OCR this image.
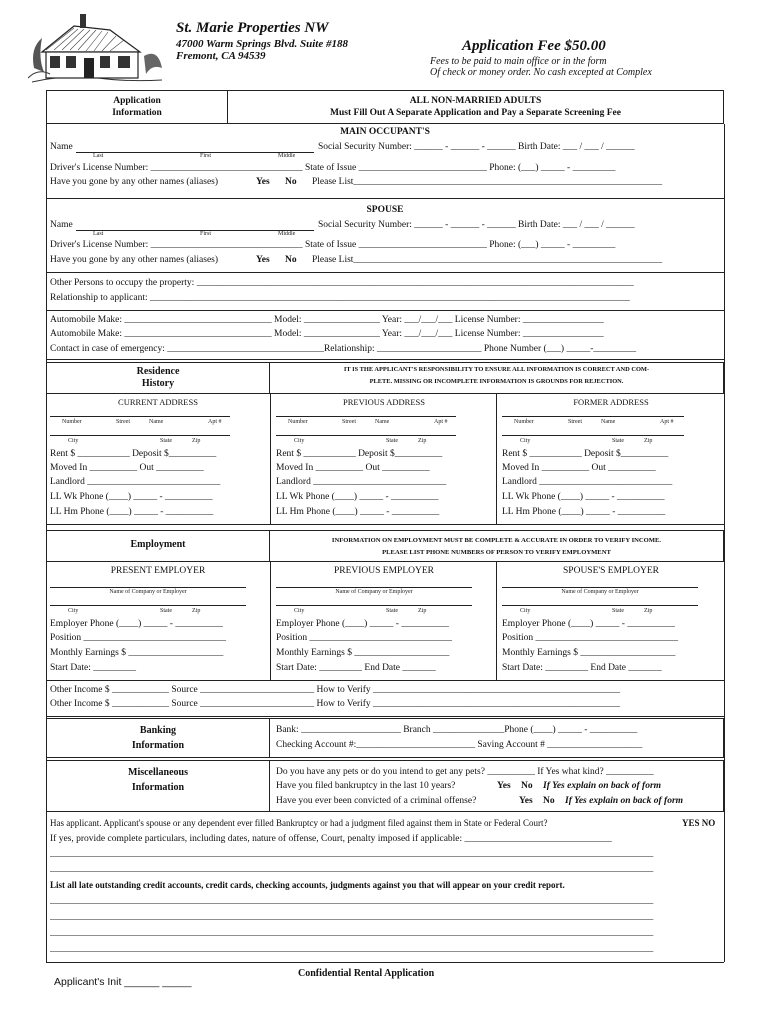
St. Marie Properties NW
47000 Warm Springs Blvd. Suite #188
Fremont, CA 94539
Application Fee $50.00
Fees to be paid to main office or in the form
Of check or money order. No cash excepted at Complex
Application
Information
ALL NON-MARRIED ADULTS
Must Fill Out A Separate Application and Pay a Separate Screening Fee
MAIN OCCUPANT'S
Name
Last	First	Middle
Social Security Number: ______ - ______ - ______ Birth Date: ___ / ___ / ______
Driver's License Number: ________________________________ State of Issue ___________________________ Phone: (___) _____ - _________
Have you gone by any other names (aliases)	Yes No Please List_________________________________________________________________
SPOUSE
Name
Last	First	Middle
Social Security Number: ______ - ______ - ______ Birth Date: ___ / ___ / ______
Driver's License Number: ________________________________ State of Issue ___________________________ Phone: (___) _____ - _________
Have you gone by any other names (aliases)	Yes No Please List_________________________________________________________________
Other Persons to occupy the property: ____________________________________________________________________________________________
Relationship to applicant: _____________________________________________________________________________________________________
Automobile Make: _______________________________ Model: ________________ Year: ___/___/___ License Number: _________________
Automobile Make: _______________________________ Model: ________________ Year: ___/___/___ License Number: _________________
Contact in case of emergency: _________________________________Relationship: ______________________ Phone Number (___) _____-_________
Residence
History
IT IS THE APPLICANT'S RESPONSIBILITY TO ENSURE ALL INFORMATION IS CORRECT AND COM-
PLETE. MISSING OR INCOMPLETE INFORMATION IS GROUNDS FOR REJECTION.
CURRENT ADDRESS
Number	Street	Name	Apt #
City	State	Zip
Rent $ ___________ Deposit $__________
Moved In __________ Out __________
Landlord ____________________________
LL Wk Phone (____) _____ - __________
LL Hm Phone (____) _____ - __________
PREVIOUS ADDRESS
Number	Street	Name	Apt #
City	State	Zip
Rent $ ___________ Deposit $__________
Moved In __________ Out __________
Landlord ____________________________
LL Wk Phone (____) _____ - __________
LL Hm Phone (____) _____ - __________
FORMER ADDRESS
Number	Street	Name	Apt #
City	State	Zip
Rent $ ___________ Deposit $__________
Moved In __________ Out __________
Landlord ____________________________
LL Wk Phone (____) _____ - __________
LL Hm Phone (____) _____ - __________
Employment	INFORMATION ON EMPLOYMENT MUST BE COMPLETE & ACCURATE IN ORDER TO VERIFY INCOME.
PLEASE LIST PHONE NUMBERS OF PERSON TO VERIFY EMPLOYMENT
PRESENT EMPLOYER
Name of Company or Employer
City	State	Zip
Employer Phone (____) _____ - __________
Position ______________________________
Monthly Earnings $ ____________________
Start Date: _________
PREVIOUS EMPLOYER
Name of Company or Employer
City	State	Zip
Employer Phone (____) _____ - __________
Position ______________________________
Monthly Earnings $ ____________________
Start Date: _________ End Date _______
SPOUSE'S EMPLOYER
Name of Company or Employer
City	State	Zip
Employer Phone (____) _____ - __________
Position ______________________________
Monthly Earnings $ ____________________
Start Date: _________ End Date _______
Other Income $ ____________ Source ________________________ How to Verify ____________________________________________________
Other Income $ ____________ Source ________________________ How to Verify ____________________________________________________
Banking
Information
Bank: _____________________ Branch _______________Phone (____) _____ - __________
Checking Account #:_________________________ Saving Account # ____________________
Miscellaneous
Information
Do you have any pets or do you intend to get any pets? __________ If Yes what kind? __________
Have you filed bankruptcy in the last 10 years?	Yes No If Yes explain on back of form
Have you ever been convicted of a criminal offense?	Yes No If Yes explain on back of form
Has applicant. Applicant's spouse or any dependent ever filled Bankruptcy or had a judgment filed against them in State or Federal Court?	YES NO
If yes, provide complete particulars, including dates, nature of offense, Court, penalty imposed if applicable: _______________________________
_______________________________________________________________________________________________________________________________
_______________________________________________________________________________________________________________________________
List all late outstanding credit accounts, credit cards, checking accounts, judgments against you that will appear on your credit report.
_______________________________________________________________________________________________________________________________
_______________________________________________________________________________________________________________________________
_______________________________________________________________________________________________________________________________
_______________________________________________________________________________________________________________________________
Confidential Rental Application
Applicant's Init ______ _____
